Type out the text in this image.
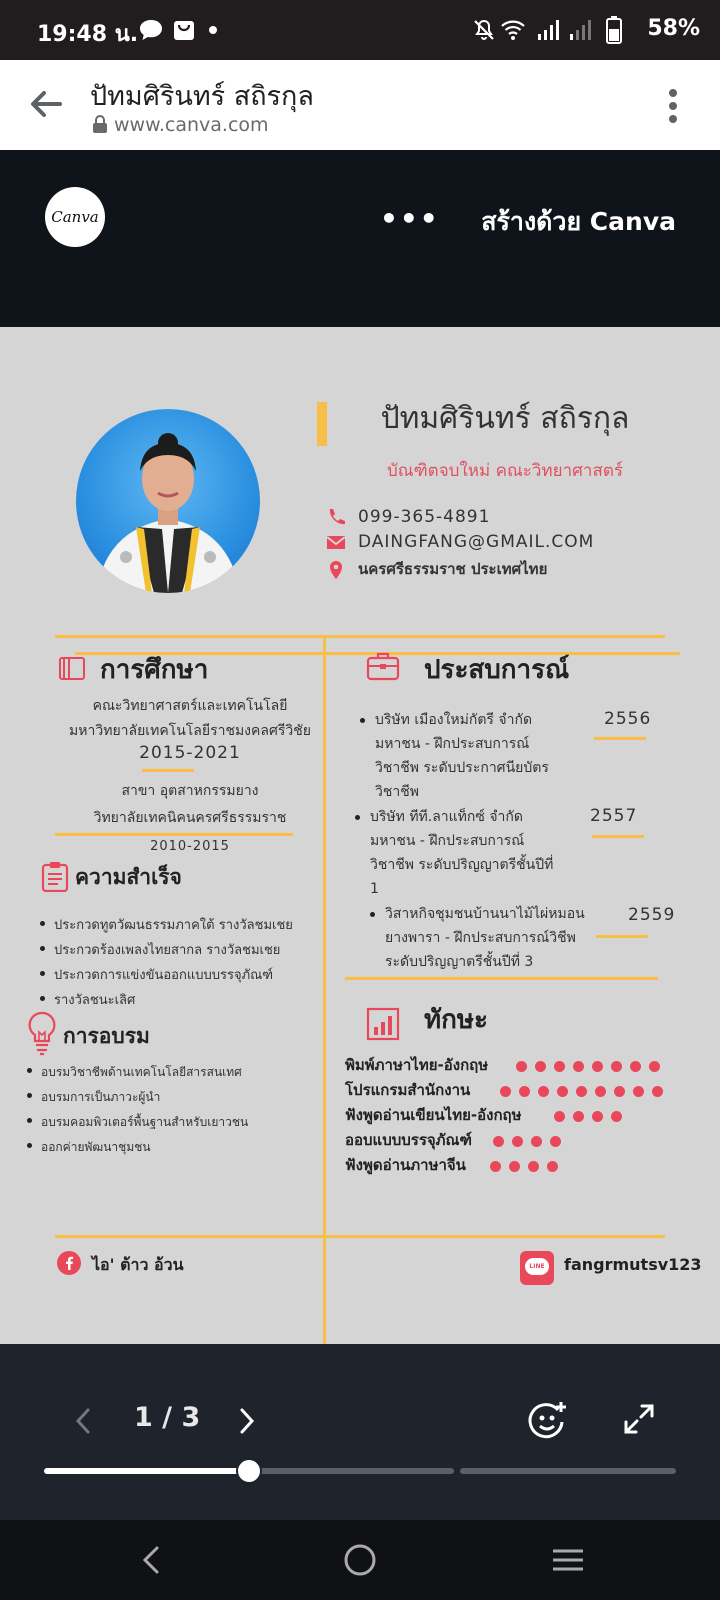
19:48 น.	58%
ปัทมศิรินทร์ สถิรกุล
www.canva.com
Canva	••• สร้างด้วย Canva
ปัทมศิรินทร์ สถิรกุล
บัณฑิตจบใหม่ คณะวิทยาศาสตร์
099-365-4891
DAINGFANG@GMAIL.COM
นครศรีธรรมราช ประเทศไทย
การศึกษา
คณะวิทยาศาสตร์และเทคโนโลยี
มหาวิทยาลัยเทคโนโลยีราชมงคลศรีวิชัย
2015-2021
สาขา อุตสาหกรรมยาง
วิทยาลัยเทคนิคนครศรีธรรมราช
2010-2015
ความสำเร็จ
ประกวดทูตวัฒนธรรมภาคใต้ รางวัลชมเชย
ประกวดร้องเพลงไทยสากล รางวัลชมเชย
ประกวดการแข่งขันออกแบบบรรจุภัณฑ์
รางวัลชนะเลิศ
การอบรม
อบรมวิชาชีพด้านเทคโนโลยีสารสนเทศ
อบรมการเป็นภาวะผู้นำ
อบรมคอมพิวเตอร์พื้นฐานสำหรับเยาวชน
ออกค่ายพัฒนาชุมชน
ประสบการณ์
บริษัท เมืองใหม่กัตรี จำกัด
มหาชน - ฝึกประสบการณ์
วิชาชีพ ระดับประกาศนียบัตร
วิชาชีพ
2556
บริษัท ทีที.ลาแท็กซ์ จำกัด
มหาชน - ฝึกประสบการณ์
วิชาชีพ ระดับปริญญาตรีชั้นปีที่
1
2557
วิสาหกิจชุมชนบ้านนาไม้ไผ่หมอน
ยางพารา - ฝึกประสบการณ์วิชีพ
ระดับปริญญาตรีชั้นปีที่ 3
2559
ทักษะ
พิมพ์ภาษาไทย-อังกฤษ
โปรแกรมสำนักงาน
ฟังพูดอ่านเขียนไทย-อังกฤษ
ออบแบบบรรจุภัณฑ์
ฟังพูดอ่านภาษาจีน
ไอ' ต้าว อ้วน	LINE fangrmutsv123
1 / 3
